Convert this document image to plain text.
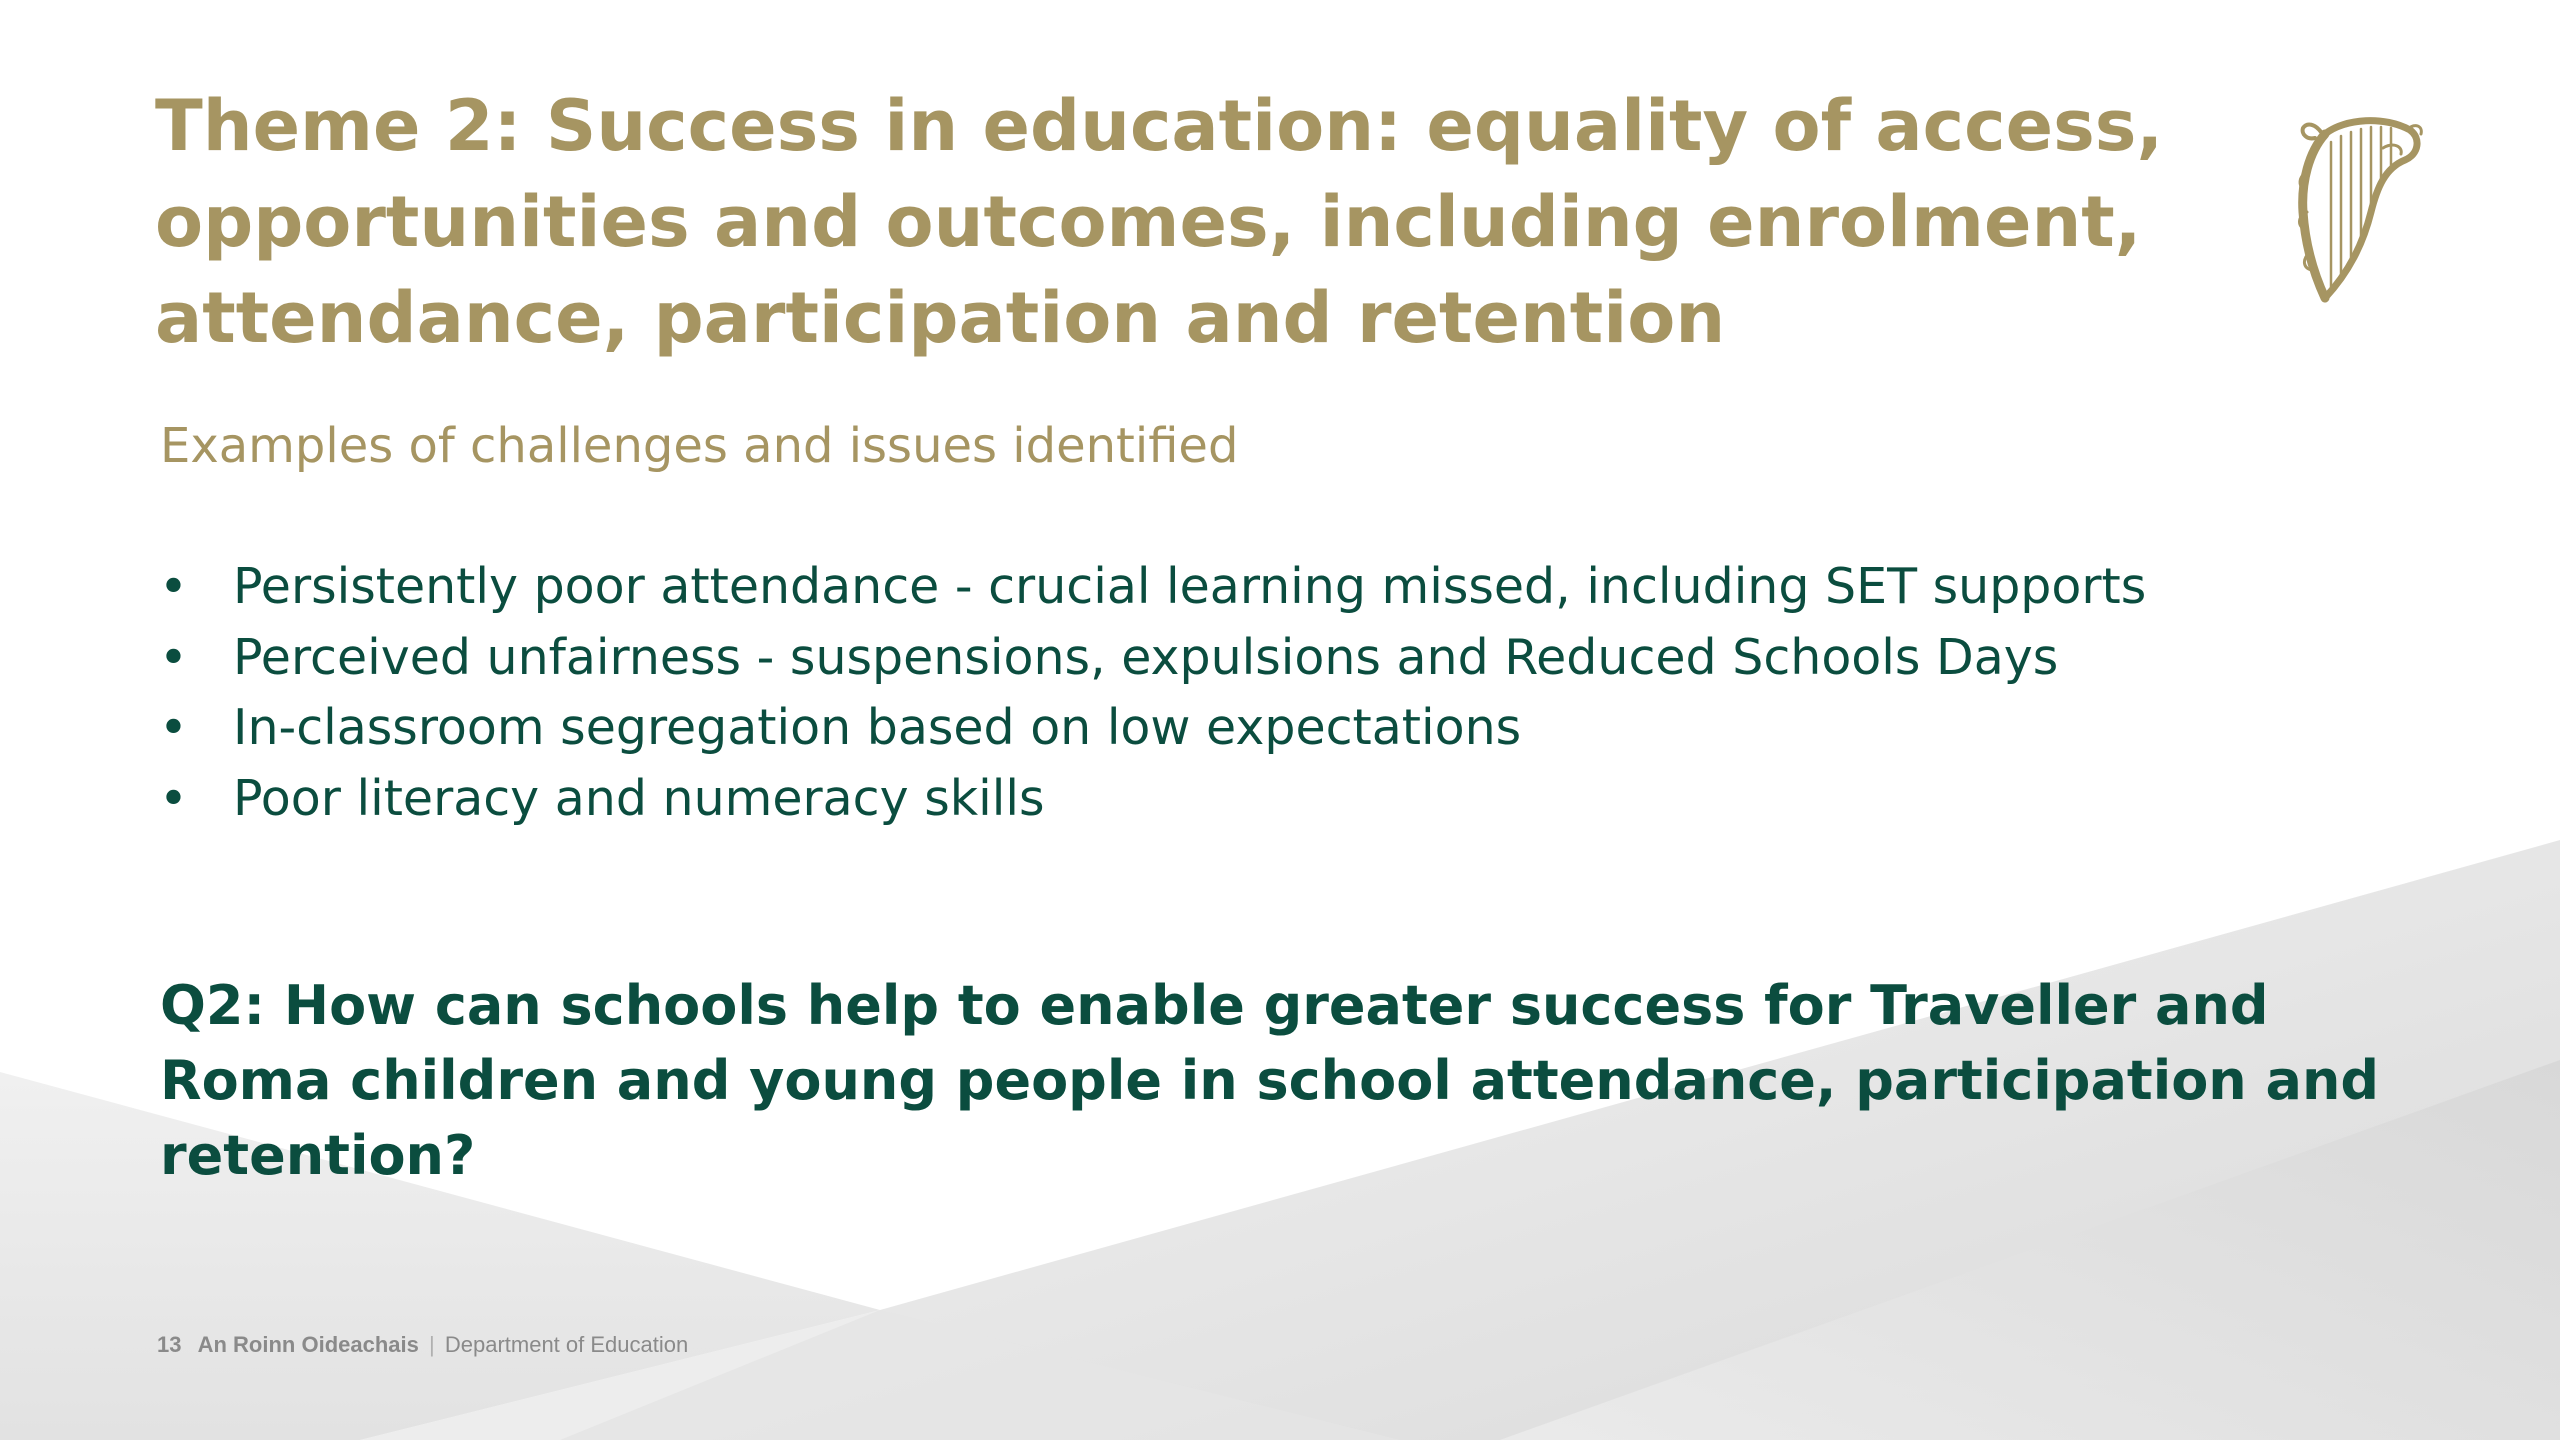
Theme 2: Success in education: equality of access,
opportunities and outcomes, including enrolment,
attendance, participation and retention

Examples of challenges and issues identified

• Persistently poor attendance - crucial learning missed, including SET supports
• Perceived unfairness - suspensions, expulsions and Reduced Schools Days
• In-classroom segregation based on low expectations
• Poor literacy and numeracy skills

Q2: How can schools help to enable greater success for Traveller and
Roma children and young people in school attendance, participation and
retention?

13 An Roinn Oideachais | Department of Education
